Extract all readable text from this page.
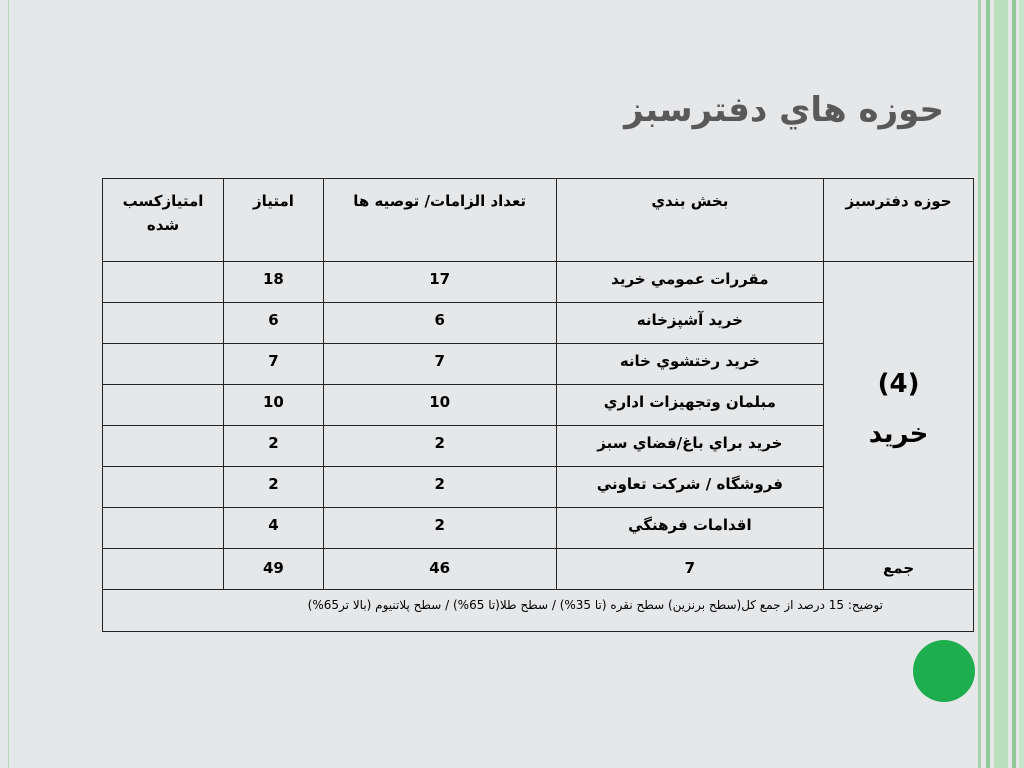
حوزه هاي دفترسبز
حوزه دفترسبز	بخش بندي	تعداد الزامات/ توصيه ها	امتياز	امتيازكسب
شده
(4)
خريد	مقررات عمومي خريد	17	18	
	خريد آشپزخانه	6	6	
	خريد رختشوي خانه	7	7	
	مبلمان وتجهيزات اداري	10	10	
	خريد براي باغ/فضاي سبز	2	2	
	فروشگاه / شركت تعاوني	2	2	
	اقدامات فرهنگي	2	4	
جمع	7	46	49	
توضيح: 15 درصد از جمع كل(سطح برنزين) سطح نقره (تا 35%) / سطح طلا(تا 65%) / سطح پلاتنيوم (بالا تر65%)				
